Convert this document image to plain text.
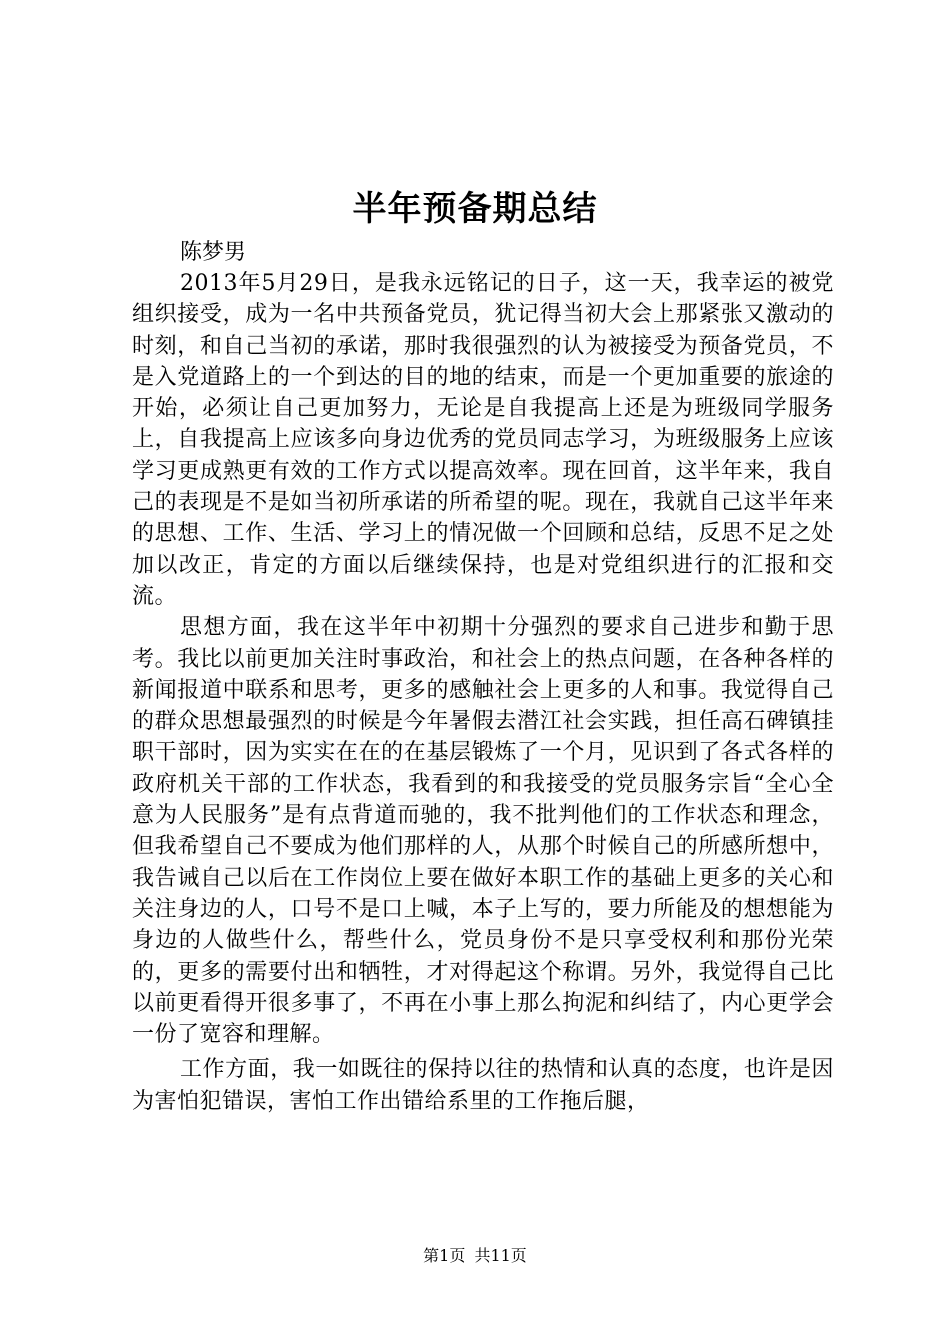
半年预备期总结
陈梦男

2013年5月29日，是我永远铭记的日子，这一天，我幸运的被党组织接受，成为一名中共预备党员，犹记得当初大会上那紧张又激动的时刻，和自己当初的承诺，那时我很强烈的认为被接受为预备党员，不是入党道路上的一个到达的目的地的结束，而是一个更加重要的旅途的开始，必须让自己更加努力，无论是自我提高上还是为班级同学服务上，自我提高上应该多向身边优秀的党员同志学习，为班级服务上应该学习更成熟更有效的工作方式以提高效率。现在回首，这半年来，我自己的表现是不是如当初所承诺的所希望的呢。现在，我就自己这半年来的思想、工作、生活、学习上的情况做一个回顾和总结，反思不足之处加以改正，肯定的方面以后继续保持，也是对党组织进行的汇报和交流。

思想方面，我在这半年中初期十分强烈的要求自己进步和勤于思考。我比以前更加关注时事政治，和社会上的热点问题，在各种各样的新闻报道中联系和思考，更多的感触社会上更多的人和事。我觉得自己的群众思想最强烈的时候是今年暑假去潜江社会实践，担任高石碑镇挂职干部时，因为实实在在的在基层锻炼了一个月，见识到了各式各样的政府机关干部的工作状态，我看到的和我接受的党员服务宗旨“全心全意为人民服务”是有点背道而驰的，我不批判他们的工作状态和理念，但我希望自己不要成为他们那样的人，从那个时候自己的所感所想中，我告诫自己以后在工作岗位上要在做好本职工作的基础上更多的关心和关注身边的人，口号不是口上喊，本子上写的，要力所能及的想想能为身边的人做些什么，帮些什么，党员身份不是只享受权利和那份光荣的，更多的需要付出和牺牲，才对得起这个称谓。另外，我觉得自己比以前更看得开很多事了，不再在小事上那么拘泥和纠结了，内心更学会一份了宽容和理解。

工作方面，我一如既往的保持以往的热情和认真的态度，也许是因为害怕犯错误，害怕工作出错给系里的工作拖后腿，

第1页 共11页
